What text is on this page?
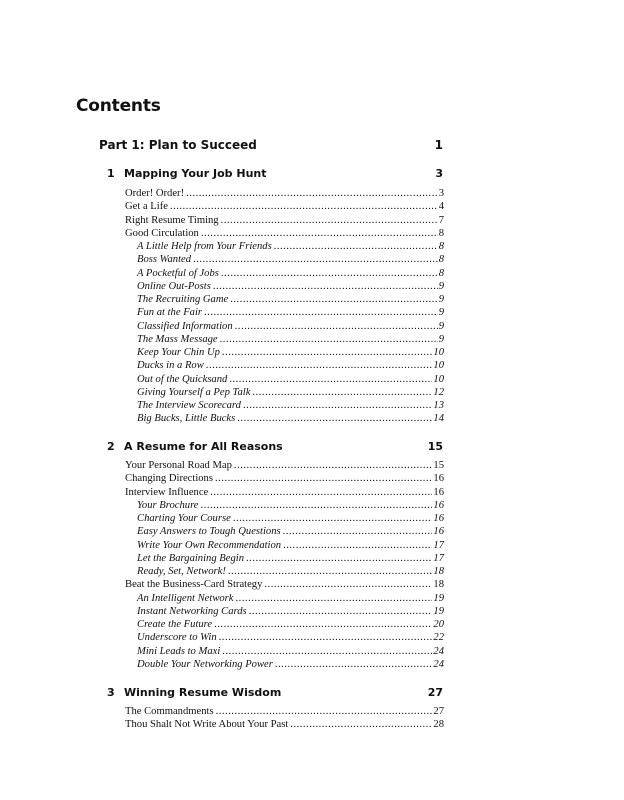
Contents
Part 1: Plan to Succeed	1
1 Mapping Your Job Hunt	3
Order! Order! .....	3
Get a Life .....	4
Right Resume Timing .....	7
Good Circulation .....	8
A Little Help from Your Friends .....	8
Boss Wanted .....	8
A Pocketful of Jobs .....	8
Online Out-Posts .....	9
The Recruiting Game .....	9
Fun at the Fair .....	9
Classified Information .....	9
The Mass Message .....	9
Keep Your Chin Up .....	10
Ducks in a Row .....	10
Out of the Quicksand .....	10
Giving Yourself a Pep Talk .....	12
The Interview Scorecard .....	13
Big Bucks, Little Bucks .....	14
2 A Resume for All Reasons	15
Your Personal Road Map .....	15
Changing Directions .....	16
Interview Influence .....	16
Your Brochure .....	16
Charting Your Course .....	16
Easy Answers to Tough Questions .....	16
Write Your Own Recommendation .....	17
Let the Bargaining Begin .....	17
Ready, Set, Network! .....	18
Beat the Business-Card Strategy .....	18
An Intelligent Network .....	19
Instant Networking Cards .....	19
Create the Future .....	20
Underscore to Win .....	22
Mini Leads to Maxi .....	24
Double Your Networking Power .....	24
3 Winning Resume Wisdom	27
The Commandments .....	27
Thou Shalt Not Write About Your Past .....	28
